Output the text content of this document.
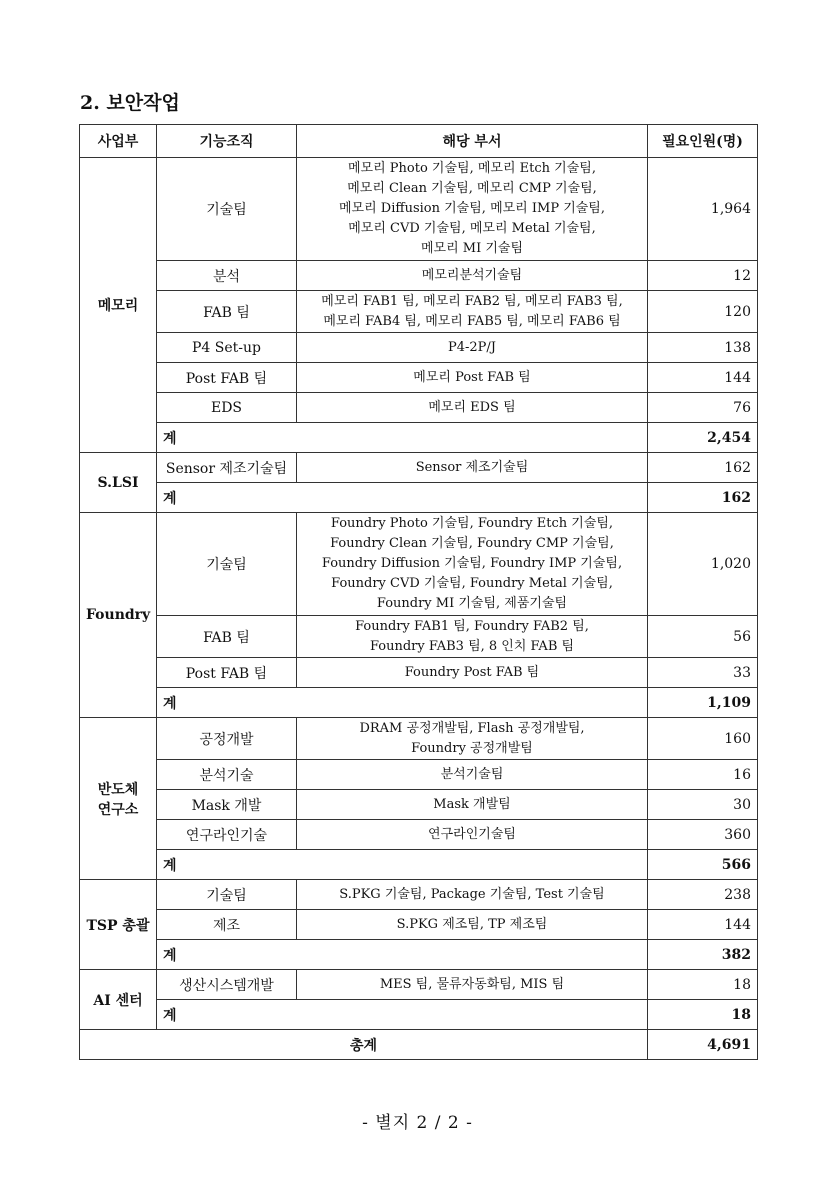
2. 보안작업
사업부	기능조직	해당 부서	필요인원(명)
메모리	기술팀	메모리 Photo 기술팀, 메모리 Etch 기술팀,
메모리 Clean 기술팀, 메모리 CMP 기술팀,
메모리 Diffusion 기술팀, 메모리 IMP 기술팀,
메모리 CVD 기술팀, 메모리 Metal 기술팀,
메모리 MI 기술팀	1,964
	분석	메모리분석기술팀	12
	FAB 팀	메모리 FAB1 팀, 메모리 FAB2 팀, 메모리 FAB3 팀,
메모리 FAB4 팀, 메모리 FAB5 팀, 메모리 FAB6 팀	120
	P4 Set-up	P4-2P/J	138
	Post FAB 팀	메모리 Post FAB 팀	144
	EDS	메모리 EDS 팀	76
	계		2,454
S.LSI	Sensor 제조기술팀	Sensor 제조기술팀	162
	계		162
Foundry	기술팀	Foundry Photo 기술팀, Foundry Etch 기술팀,
Foundry Clean 기술팀, Foundry CMP 기술팀,
Foundry Diffusion 기술팀, Foundry IMP 기술팀,
Foundry CVD 기술팀, Foundry Metal 기술팀,
Foundry MI 기술팀, 제품기술팀	1,020
	FAB 팀	Foundry FAB1 팀, Foundry FAB2 팀,
Foundry FAB3 팀, 8 인치 FAB 팀	56
	Post FAB 팀	Foundry Post FAB 팀	33
	계		1,109
반도체
연구소	공정개발	DRAM 공정개발팀, Flash 공정개발팀,
Foundry 공정개발팀	160
	분석기술	분석기술팀	16
	Mask 개발	Mask 개발팀	30
	연구라인기술	연구라인기술팀	360
	계		566
TSP 총괄	기술팀	S.PKG 기술팀, Package 기술팀, Test 기술팀	238
	제조	S.PKG 제조팀, TP 제조팀	144
	계		382
AI 센터	생산시스템개발	MES 팀, 물류자동화팀, MIS 팀	18
	계		18
총계			4,691
- 별지 2 / 2 -
